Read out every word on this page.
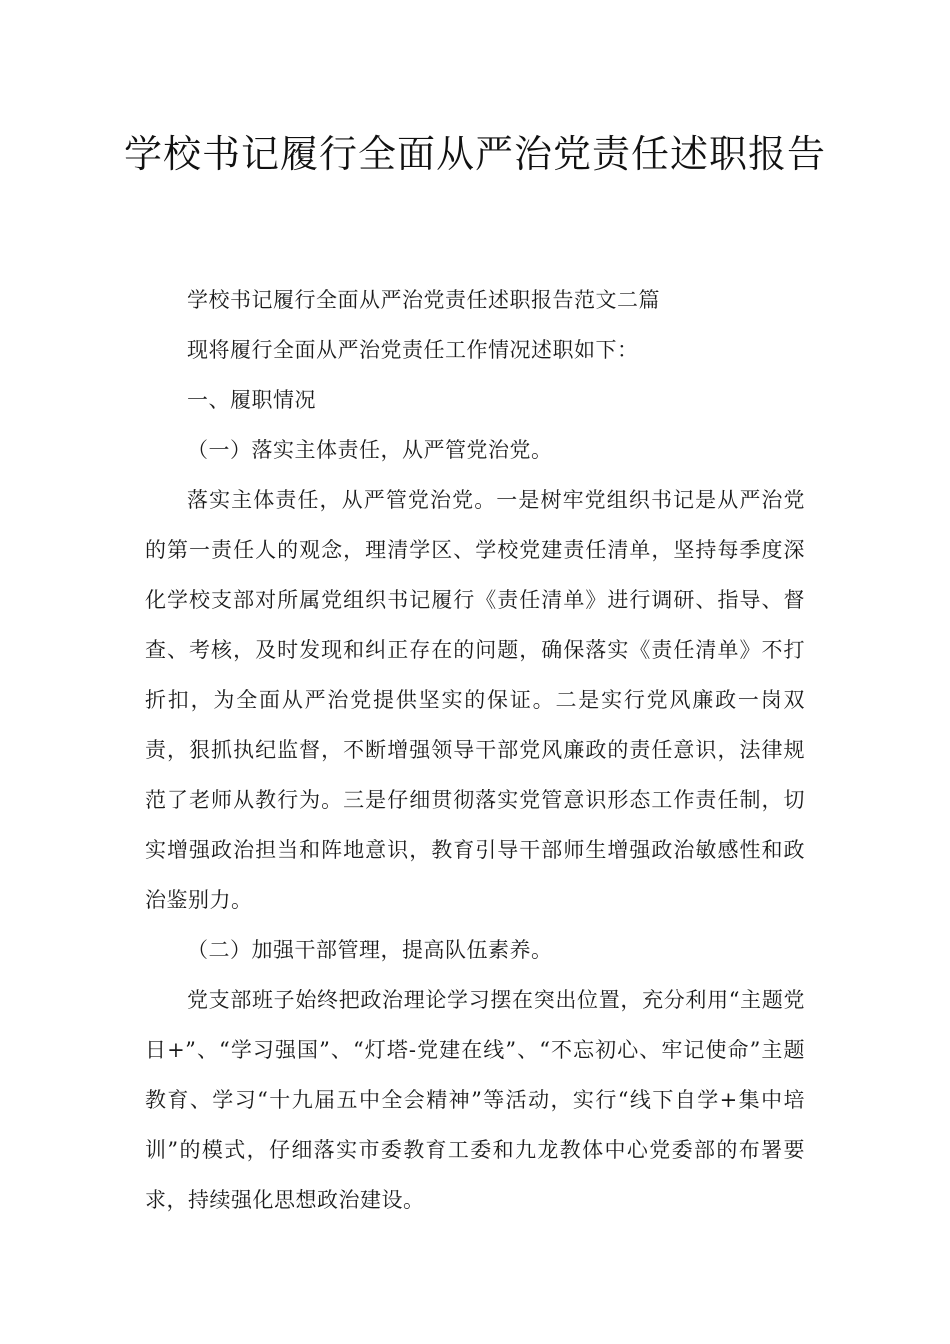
学校书记履行全面从严治党责任述职报告

学校书记履行全面从严治党责任述职报告范文二篇

现将履行全面从严治党责任工作情况述职如下：

一、履职情况

（一）落实主体责任，从严管党治党。

落实主体责任，从严管党治党。一是树牢党组织书记是从严治党的第一责任人的观念，理清学区、学校党建责任清单，坚持每季度深化学校支部对所属党组织书记履行《责任清单》进行调研、指导、督查、考核，及时发现和纠正存在的问题，确保落实《责任清单》不打折扣，为全面从严治党提供坚实的保证。二是实行党风廉政一岗双责，狠抓执纪监督，不断增强领导干部党风廉政的责任意识，法律规范了老师从教行为。三是仔细贯彻落实党管意识形态工作责任制，切实增强政治担当和阵地意识，教育引导干部师生增强政治敏感性和政治鉴别力。

（二）加强干部管理，提高队伍素养。

党支部班子始终把政治理论学习摆在突出位置，充分利用“主题党日+”、“学习强国”、“灯塔-党建在线”、“不忘初心、牢记使命”主题教育、学习“十九届五中全会精神”等活动，实行“线下自学+集中培训”的模式，仔细落实市委教育工委和九龙教体中心党委部的布署要求，持续强化思想政治建设。
